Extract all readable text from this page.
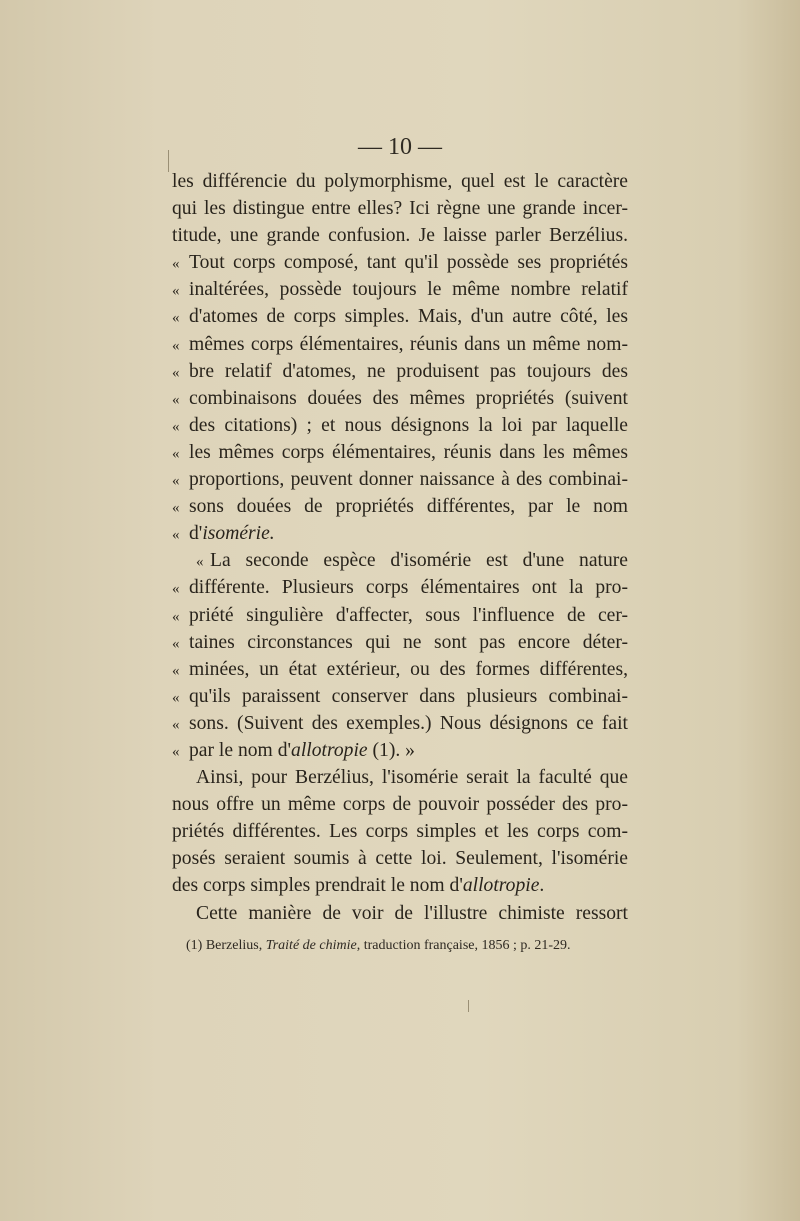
— 10 —
les différencie du polymorphisme, quel est le caractère
qui les distingue entre elles? Ici règne une grande incer-
titude, une grande confusion. Je laisse parler Berzélius.
« Tout corps composé, tant qu'il possède ses propriétés
« inaltérées, possède toujours le même nombre relatif
« d'atomes de corps simples. Mais, d'un autre côté, les
« mêmes corps élémentaires, réunis dans un même nom-
« bre relatif d'atomes, ne produisent pas toujours des
« combinaisons douées des mêmes propriétés (suivent
« des citations) ; et nous désignons la loi par laquelle
« les mêmes corps élémentaires, réunis dans les mêmes
« proportions, peuvent donner naissance à des combinai-
« sons douées de propriétés différentes, par le nom
« d'isomérie.
« La seconde espèce d'isomérie est d'une nature
« différente. Plusieurs corps élémentaires ont la pro-
« priété singulière d'affecter, sous l'influence de cer-
« taines circonstances qui ne sont pas encore déter-
« minées, un état extérieur, ou des formes différentes,
« qu'ils paraissent conserver dans plusieurs combinai-
« sons. (Suivent des exemples.) Nous désignons ce fait
« par le nom d'allotropie (1). »
Ainsi, pour Berzélius, l'isomérie serait la faculté que
nous offre un même corps de pouvoir posséder des pro-
priétés différentes. Les corps simples et les corps com-
posés seraient soumis à cette loi. Seulement, l'isomérie
des corps simples prendrait le nom d'allotropie.
Cette manière de voir de l'illustre chimiste ressort
(1) Berzelius, Traité de chimie, traduction française, 1856 ; p. 21-29.
